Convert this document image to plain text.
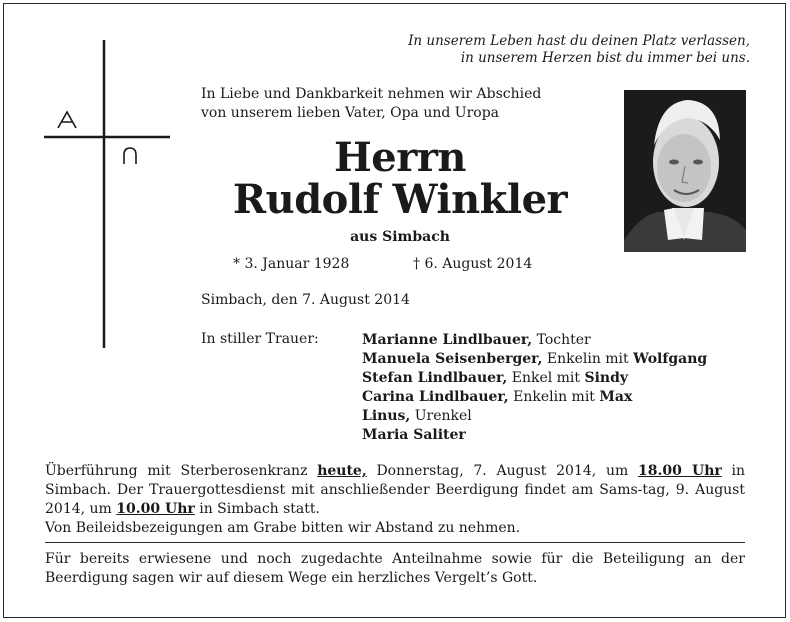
In unserem Leben hast du deinen Platz verlassen,
in unserem Herzen bist du immer bei uns.
In Liebe und Dankbarkeit nehmen wir Abschied
von unserem lieben Vater, Opa und Uropa
Herrn
Rudolf Winkler
aus Simbach
* 3. Januar 1928	† 6. August 2014
Simbach, den 7. August 2014
In stiller Trauer:	Marianne Lindlbauer, Tochter
Manuela Seisenberger, Enkelin mit Wolfgang
Stefan Lindlbauer, Enkel mit Sindy
Carina Lindlbauer, Enkelin mit Max
Linus, Urenkel
Maria Saliter
Überführung mit Sterberosenkranz heute, Donnerstag, 7. August 2014, um 18.00 Uhr in Simbach. Der Trauergottesdienst mit anschließender Beerdigung findet am Sams-tag, 9. August 2014, um 10.00 Uhr in Simbach statt.
Von Beileidsbezeigungen am Grabe bitten wir Abstand zu nehmen.
Für bereits erwiesene und noch zugedachte Anteilnahme sowie für die Beteiligung an der Beerdigung sagen wir auf diesem Wege ein herzliches Vergelt’s Gott.
